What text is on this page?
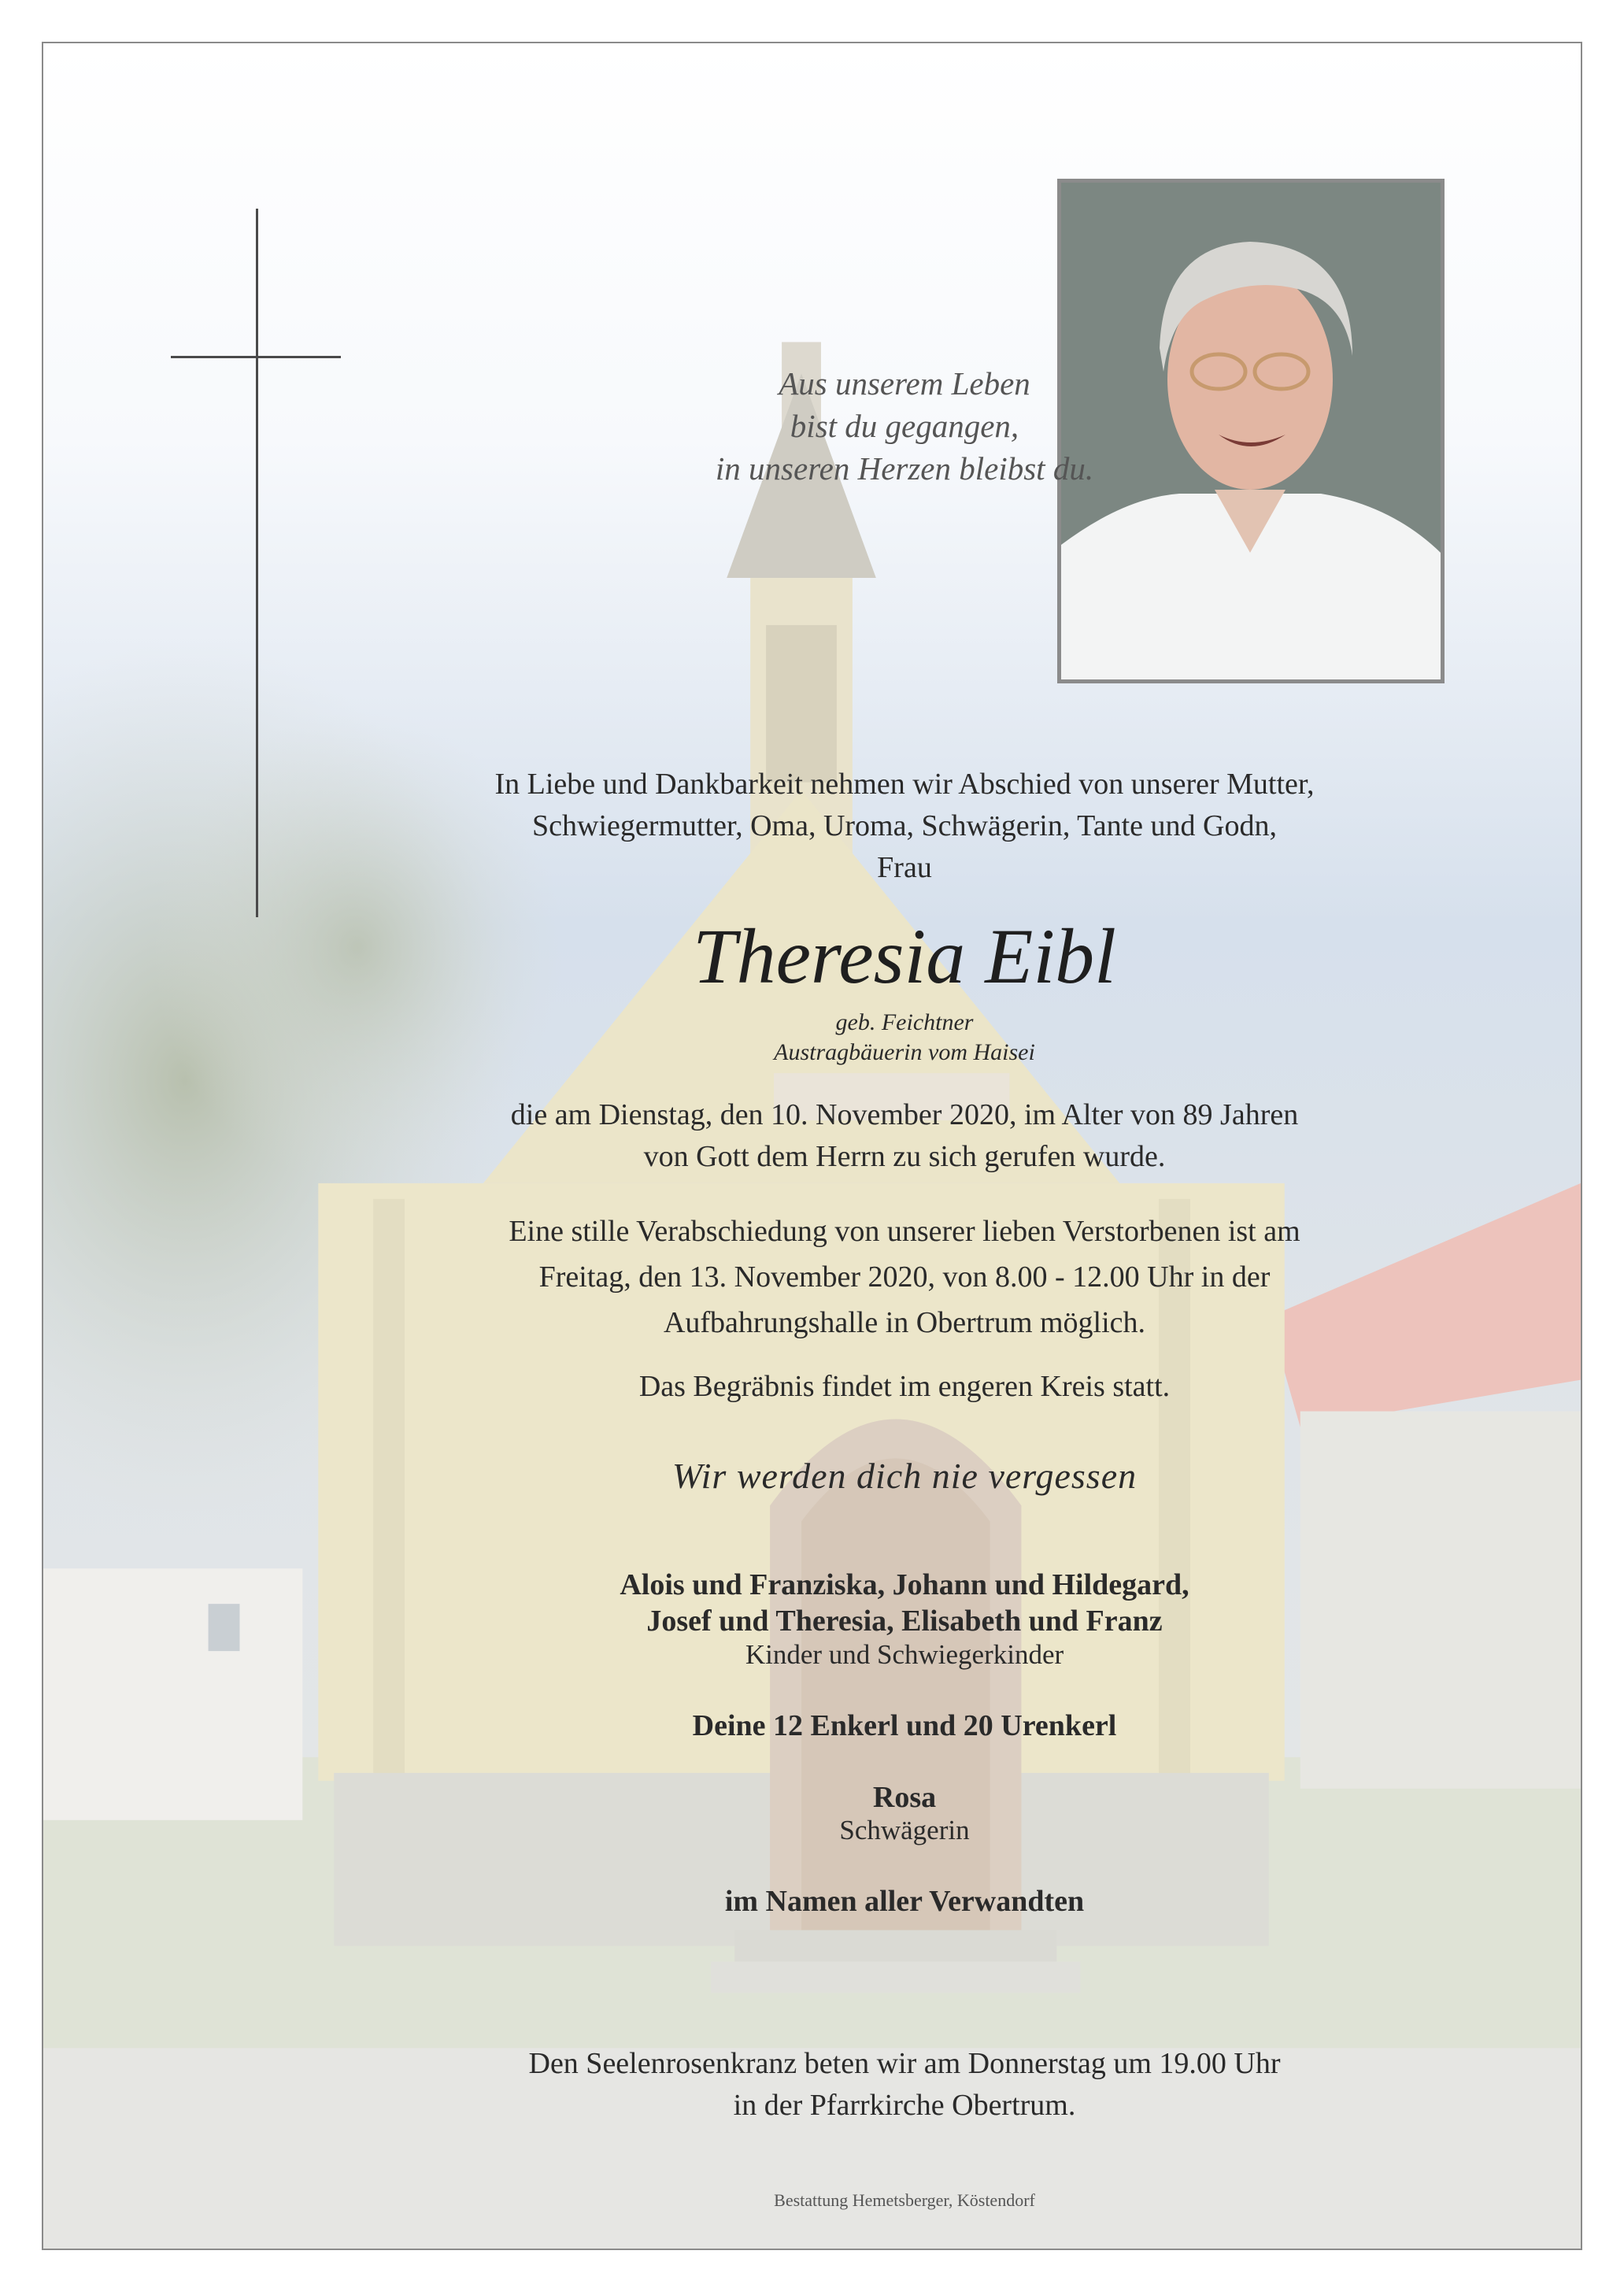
Aus unserem Leben
bist du gegangen,
in unseren Herzen bleibst du.
In Liebe und Dankbarkeit nehmen wir Abschied von unserer Mutter,
Schwiegermutter, Oma, Uroma, Schwägerin, Tante und Godn,
Frau
Theresia Eibl
geb. Feichtner
Austragbäuerin vom Haisei
die am Dienstag, den 10. November 2020, im Alter von 89 Jahren
von Gott dem Herrn zu sich gerufen wurde.
Eine stille Verabschiedung von unserer lieben Verstorbenen ist am
Freitag, den 13. November 2020, von 8.00 - 12.00 Uhr in der
Aufbahrungshalle in Obertrum möglich.
Das Begräbnis findet im engeren Kreis statt.
Wir werden dich nie vergessen
Alois und Franziska, Johann und Hildegard,
Josef und Theresia, Elisabeth und Franz
Kinder und Schwiegerkinder
Deine 12 Enkerl und 20 Urenkerl
Rosa
Schwägerin
im Namen aller Verwandten
Den Seelenrosenkranz beten wir am Donnerstag um 19.00 Uhr
in der Pfarrkirche Obertrum.
Bestattung Hemetsberger, Köstendorf
